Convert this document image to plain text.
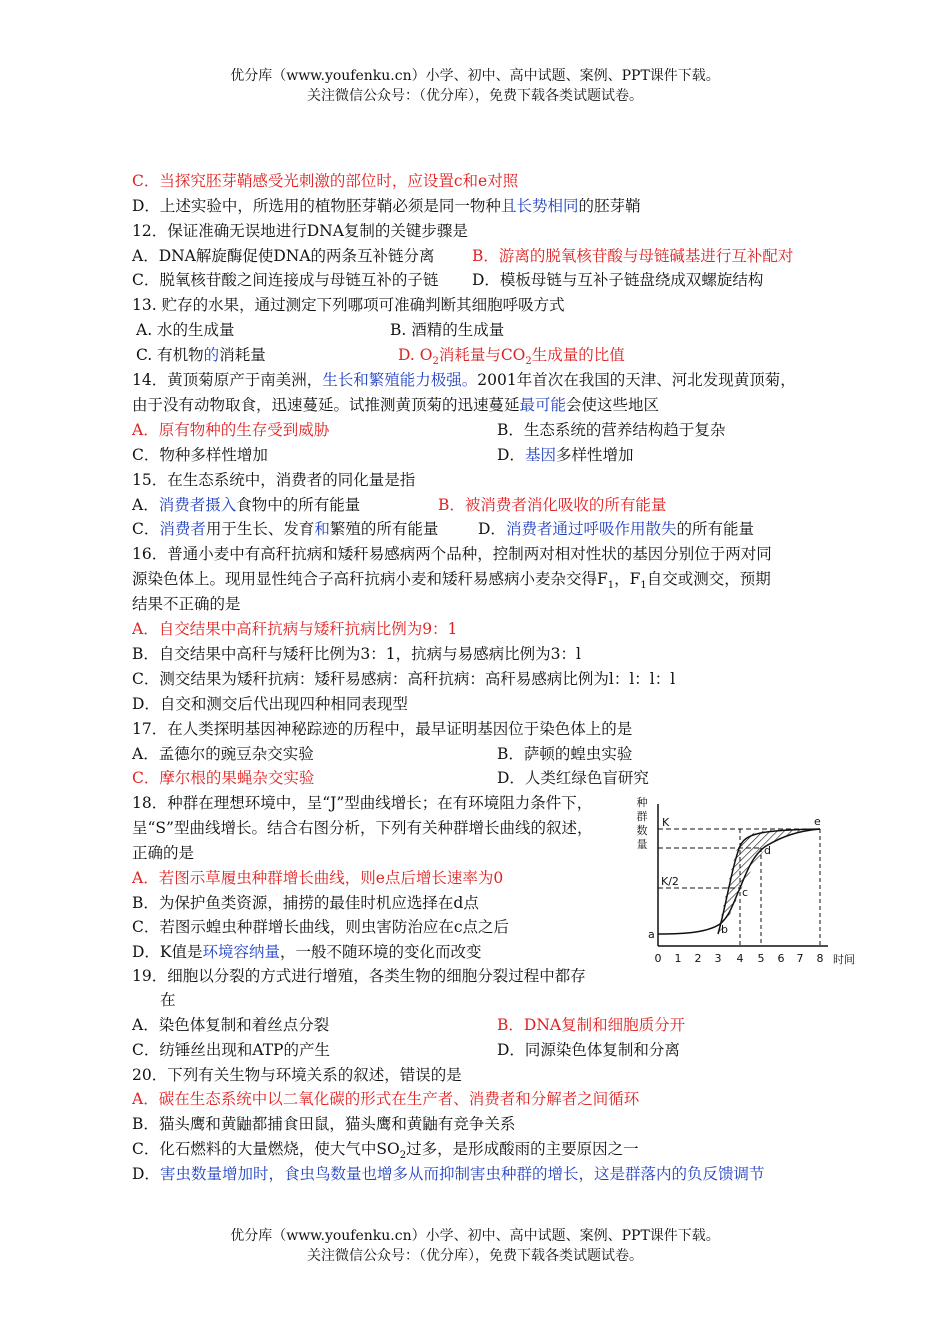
优分库（www.youfenku.cn）小学、初中、高中试题、案例、PPT课件下载。
关注微信公众号：（优分库），免费下载各类试题试卷。
C．当探究胚芽鞘感受光刺激的部位时，应设置c和e对照
D．上述实验中，所选用的植物胚芽鞘必须是同一物种且长势相同的胚芽鞘
12．保证准确无误地进行DNA复制的关键步骤是
A．DNA解旋酶促使DNA的两条互补链分离 B．游离的脱氧核苷酸与母链碱基进行互补配对
C．脱氧核苷酸之间连接成与母链互补的子链 D．模板母链与互补子链盘绕成双螺旋结构
13. 贮存的水果，通过测定下列哪项可准确判断其细胞呼吸方式
A. 水的生成量	B. 酒精的生成量
C. 有机物的消耗量	D. $O_2$消耗量与$CO_2$生成量的比值
14．黄顶菊原产于南美洲，生长和繁殖能力极强。2001年首次在我国的天津、河北发现黄顶菊，
由于没有动物取食，迅速蔓延。试推测黄顶菊的迅速蔓延最可能会使这些地区
A．原有物种的生存受到威胁	B．生态系统的营养结构趋于复杂
C．物种多样性增加	D．基因多样性增加
15．在生态系统中，消费者的同化量是指
A．消费者摄入食物中的所有能量	B．被消费者消化吸收的所有能量
C．消费者用于生长、发育和繁殖的所有能量	D．消费者通过呼吸作用散失的所有能量
16．普通小麦中有高秆抗病和矮秆易感病两个品种，控制两对相对性状的基因分别位于两对同
源染色体上。现用显性纯合子高秆抗病小麦和矮秆易感病小麦杂交得$F_1$，$F_1$自交或测交，预期
结果不正确的是
A．自交结果中高秆抗病与矮秆抗病比例为9：1
B．自交结果中高秆与矮秆比例为3：1，抗病与易感病比例为3：l
C．测交结果为矮秆抗病：矮秆易感病：高秆抗病：高秆易感病比例为l：l：l：l
D．自交和测交后代出现四种相同表现型
17．在人类探明基因神秘踪迹的历程中，最早证明基因位于染色体上的是
A．孟德尔的豌豆杂交实验	B．萨顿的蝗虫实验
C．摩尔根的果蝇杂交实验	D．人类红绿色盲研究
18．种群在理想环境中，呈“J”型曲线增长；在有环境阻力条件下，
呈“S”型曲线增长。结合右图分析，下列有关种群增长曲线的叙述，
正确的是
A．若图示草履虫种群增长曲线，则e点后增长速率为0
B．为保护鱼类资源，捕捞的最佳时机应选择在d点
C．若图示蝗虫种群增长曲线，则虫害防治应在c点之后
D．K值是环境容纳量，一般不随环境的变化而改变
种
群
数
量
K
K/2
a	b
c
d
e
0 1 2 3 4 5 6 7 8 时间
19．细胞以分裂的方式进行增殖，各类生物的细胞分裂过程中都存
在
A．染色体复制和着丝点分裂	B．DNA复制和细胞质分开
C．纺锤丝出现和ATP的产生	D．同源染色体复制和分离
20．下列有关生物与环境关系的叙述，错误的是
A．碳在生态系统中以二氧化碳的形式在生产者、消费者和分解者之间循环
B．猫头鹰和黄鼬都捕食田鼠，猫头鹰和黄鼬有竞争关系
C．化石燃料的大量燃烧，使大气中$SO_2$过多，是形成酸雨的主要原因之一
D．害虫数量增加时，食虫鸟数量也增多从而抑制害虫种群的增长，这是群落内的负反馈调节
优分库（www.youfenku.cn）小学、初中、高中试题、案例、PPT课件下载。
关注微信公众号：（优分库），免费下载各类试题试卷。
